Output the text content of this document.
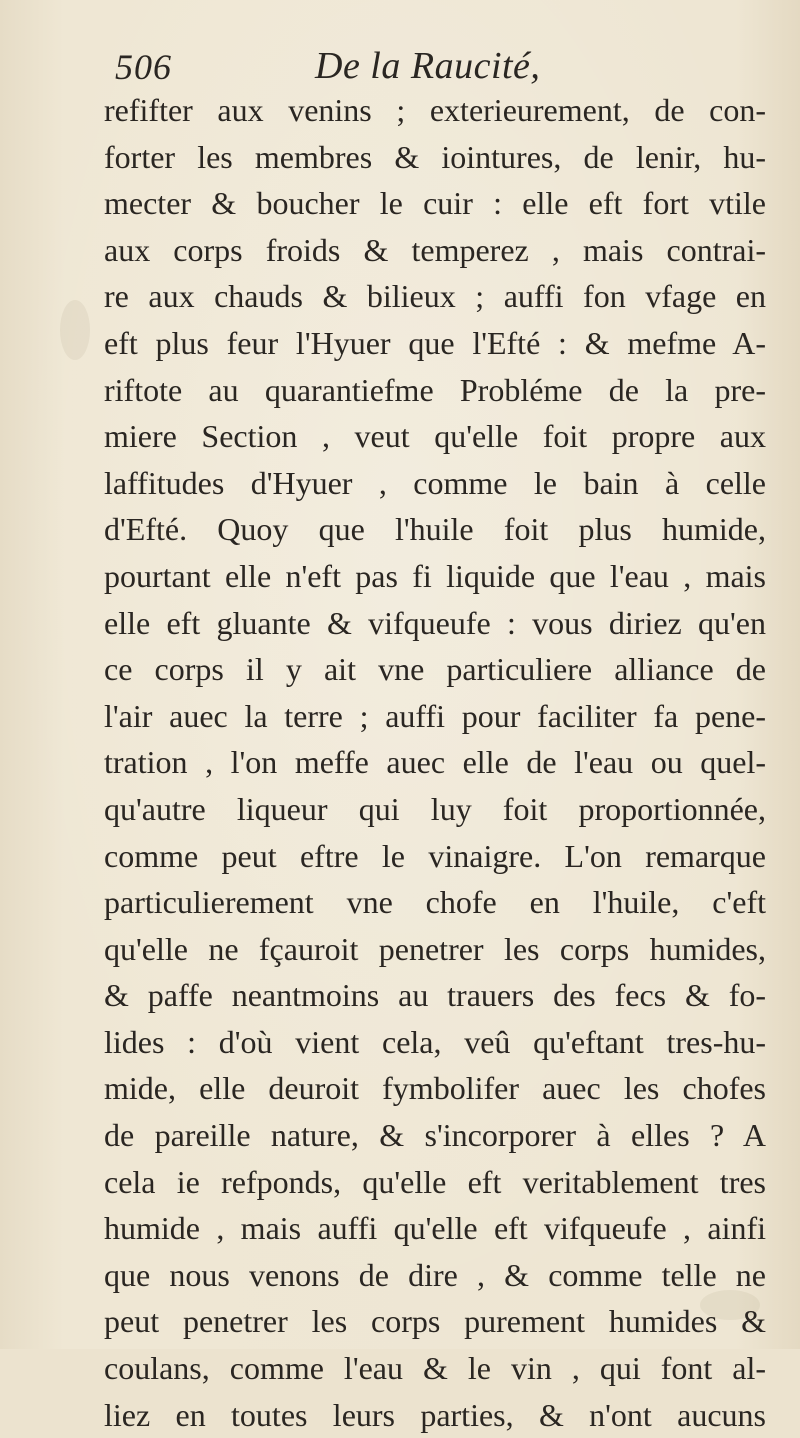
506	De la Raucité,
refifter aux venins ; exterieurement, de con-
forter les membres & iointures, de lenir, hu-
mecter & boucher le cuir : elle eft fort vtile
aux corps froids & temperez , mais contrai-
re aux chauds & bilieux ; auffi fon vfage en
eft plus feur l'Hyuer que l'Efté : & mefme A-
riftote au quarantiefme Probléme de la pre-
miere Section , veut qu'elle foit propre aux
laffitudes d'Hyuer , comme le bain à celle
d'Efté. Quoy que l'huile foit plus humide,
pourtant elle n'eft pas fi liquide que l'eau , mais
elle eft gluante & vifqueufe : vous diriez qu'en
ce corps il y ait vne particuliere alliance de
l'air auec la terre ; auffi pour faciliter fa pene-
tration , l'on meffe auec elle de l'eau ou quel-
qu'autre liqueur qui luy foit proportionnée,
comme peut eftre le vinaigre. L'on remarque
particulierement vne chofe en l'huile, c'eft
qu'elle ne fçauroit penetrer les corps humides,
& paffe neantmoins au trauers des fecs & fo-
lides : d'où vient cela, veû qu'eftant tres-hu-
mide, elle deuroit fymbolifer auec les chofes
de pareille nature, & s'incorporer à elles ? A
cela ie refponds, qu'elle eft veritablement tres
humide , mais auffi qu'elle eft vifqueufe , ainfi
que nous venons de dire , & comme telle ne
peut penetrer les corps purement humides &
coulans, comme l'eau & le vin , qui font al-
liez en toutes leurs parties, & n'ont aucuns
